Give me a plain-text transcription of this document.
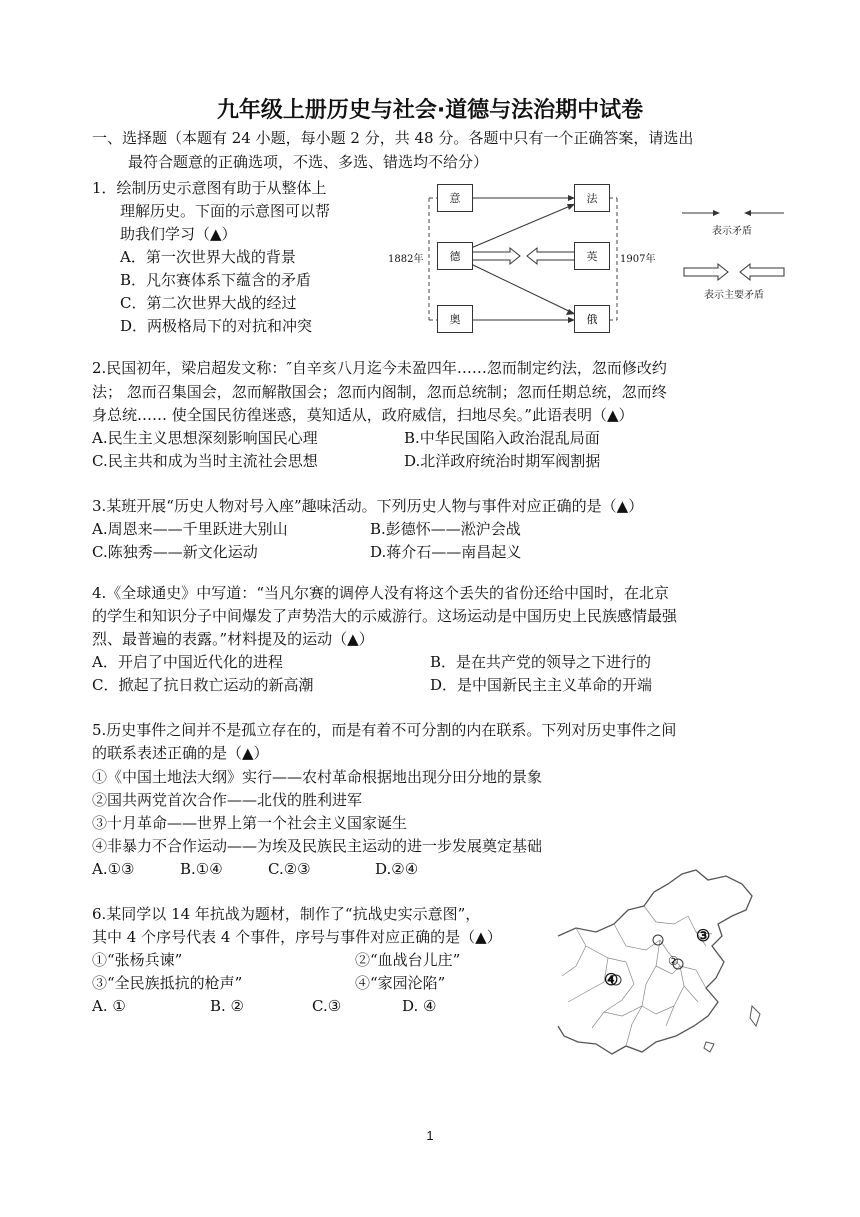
九年级上册历史与社会·道德与法治期中试卷
一、选择题（本题有 24 小题，每小题 2 分，共 48 分。各题中只有一个正确答案，请选出
最符合题意的正确选项，不选、多选、错选均不给分）
1．绘制历史示意图有助于从整体上
理解历史。下面的示意图可以帮
助我们学习（▲）
A．第一次世界大战的背景
B．凡尔赛体系下蕴含的矛盾
C．第二次世界大战的经过
D．两极格局下的对抗和冲突
意
德
奥
法
英
俄
1882年	1907年
表示矛盾
表示主要矛盾
2.民国初年，梁启超发文称：″自辛亥八月迄今未盈四年……忽而制定约法，忽而修改约
法； 忽而召集国会，忽而解散国会；忽而内阁制，忽而总统制；忽而任期总统，忽而终
身总统…… 使全国民彷徨迷惑，莫知适从，政府威信，扫地尽矣。”此语表明（▲）
A.民生主义思想深刻影响国民心理	B.中华民国陷入政治混乱局面
C.民主共和成为当时主流社会思想	D.北洋政府统治时期军阀割据
3.某班开展“历史人物对号入座”趣味活动。下列历史人物与事件对应正确的是（▲）
A.周恩来——千里跃进大别山	B.彭德怀——淞沪会战
C.陈独秀——新文化运动	D.蒋介石——南昌起义
4.《全球通史》中写道：“当凡尔赛的调停人没有将这个丢失的省份还给中国时，在北京
的学生和知识分子中间爆发了声势浩大的示威游行。这场运动是中国历史上民族感情最强
烈、最普遍的表露。”材料提及的运动（▲）
A．开启了中国近代化的进程	B．是在共产党的领导之下进行的
C．掀起了抗日救亡运动的新高潮	D．是中国新民主主义革命的开端
5.历史事件之间并不是孤立存在的，而是有着不可分割的内在联系。下列对历史事件之间
的联系表述正确的是（▲）
①《中国土地法大纲》实行——农村革命根据地出现分田分地的景象
②国共两党首次合作——北伐的胜利进军
③十月革命——世界上第一个社会主义国家诞生
④非暴力不合作运动——为埃及民族民主运动的进一步发展奠定基础
A.①③	B.①④	C.②③	D.②④
6.某同学以 14 年抗战为题材，制作了“抗战史实示意图”，
其中 4 个序号代表 4 个事件，序号与事件对应正确的是（▲）
①“张杨兵谏”	②“血战台儿庄”
③“全民族抵抗的枪声”	④“家园沦陷”
A. ①	B. ②	C.③	D. ④
③
②
④
1
